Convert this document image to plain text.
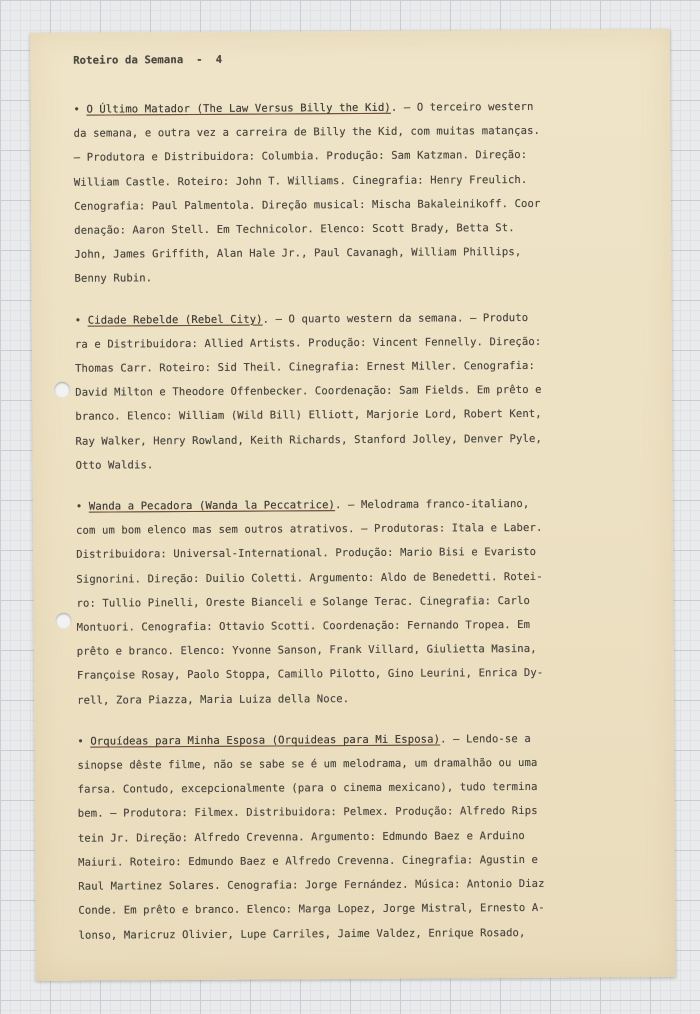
Roteiro da Semana  -  4
• O Último Matador (The Law Versus Billy the Kid). — O terceiro western
da semana, e outra vez a carreira de Billy the Kid, com muitas matanças.
— Produtora e Distribuidora: Columbia. Produção: Sam Katzman. Direção:
William Castle. Roteiro: John T. Williams. Cinegrafia: Henry Freulich.
Cenografia: Paul Palmentola. Direção musical: Mischa Bakaleinikoff. Coor
denação: Aaron Stell. Em Technicolor. Elenco: Scott Brady, Betta St.
John, James Griffith, Alan Hale Jr., Paul Cavanagh, William Phillips,
Benny Rubin.
• Cidade Rebelde (Rebel City). — O quarto western da semana. — Produto
ra e Distribuidora: Allied Artists. Produção: Vincent Fennelly. Direção:
Thomas Carr. Roteiro: Sid Theil. Cinegrafia: Ernest Miller. Cenografia:
David Milton e Theodore Offenbecker. Coordenação: Sam Fields. Em prêto e
branco. Elenco: William (Wild Bill) Elliott, Marjorie Lord, Robert Kent,
Ray Walker, Henry Rowland, Keith Richards, Stanford Jolley, Denver Pyle,
Otto Waldis.
• Wanda a Pecadora (Wanda la Peccatrice). — Melodrama franco-italiano,
com um bom elenco mas sem outros atrativos. — Produtoras: Itala e Laber.
Distribuidora: Universal-International. Produção: Mario Bisi e Evaristo
Signorini. Direção: Duilio Coletti. Argumento: Aldo de Benedetti. Rotei-
ro: Tullio Pinelli, Oreste Bianceli e Solange Terac. Cinegrafia: Carlo
Montuori. Cenografia: Ottavio Scotti. Coordenação: Fernando Tropea. Em
prêto e branco. Elenco: Yvonne Sanson, Frank Villard, Giulietta Masina,
Françoise Rosay, Paolo Stoppa, Camillo Pilotto, Gino Leurini, Enrica Dy-
rell, Zora Piazza, Maria Luiza della Noce.
• Orquídeas para Minha Esposa (Orquideas para Mi Esposa). — Lendo-se a
sinopse dêste filme, não se sabe se é um melodrama, um dramalhão ou uma
farsa. Contudo, excepcionalmente (para o cinema mexicano), tudo termina
bem. — Produtora: Filmex. Distribuidora: Pelmex. Produção: Alfredo Rips
tein Jr. Direção: Alfredo Crevenna. Argumento: Edmundo Baez e Arduino
Maiuri. Roteiro: Edmundo Baez e Alfredo Crevenna. Cinegrafia: Agustin e
Raul Martinez Solares. Cenografia: Jorge Fernández. Música: Antonio Diaz
Conde. Em prêto e branco. Elenco: Marga Lopez, Jorge Mistral, Ernesto A-
lonso, Maricruz Olivier, Lupe Carriles, Jaime Valdez, Enrique Rosado,
